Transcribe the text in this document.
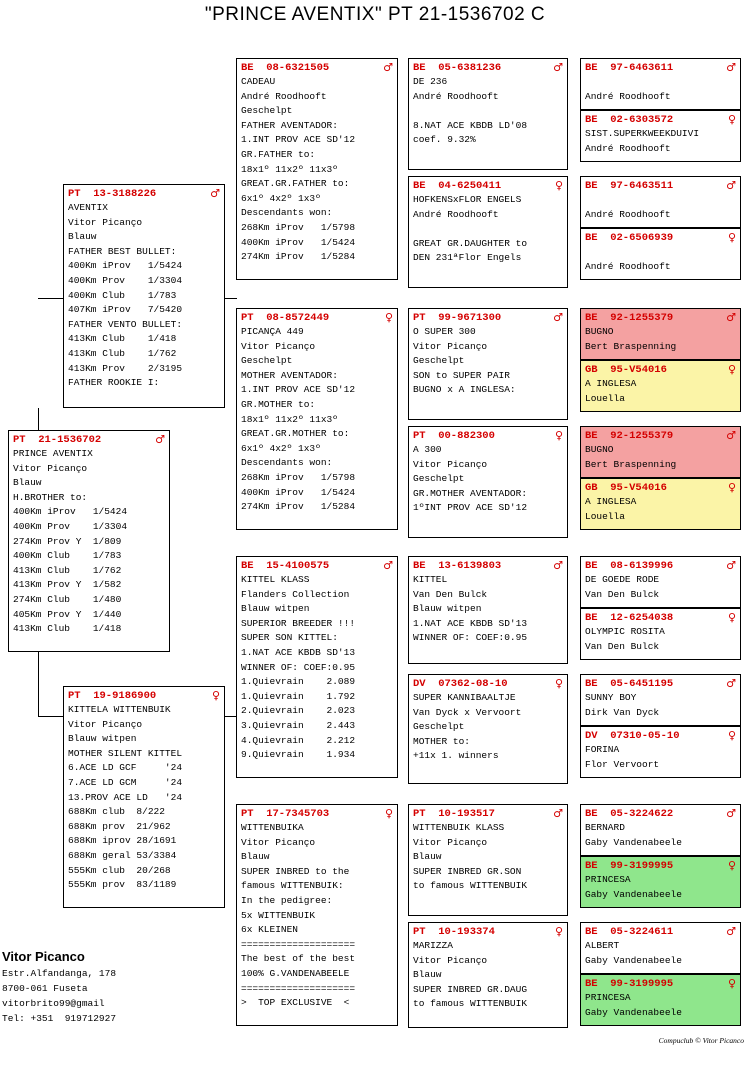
"PRINCE AVENTIX" PT 21-1536702 C
PT  21-1536702	♂
PRINCE AVENTIX
Vitor Picanço
Blauw
H.BROTHER to:
400Km iProv   1/5424
400Km Prov    1/3304
274Km Prov Y  1/809
400Km Club    1/783
413Km Club    1/762
413Km Prov Y  1/582
274Km Club    1/480
405Km Prov Y  1/440
413Km Club    1/418
PT  13-3188226	♂
AVENTIX
Vitor Picanço
Blauw
FATHER BEST BULLET:
400Km iProv   1/5424
400Km Prov    1/3304
400Km Club    1/783
407Km iProv   7/5420
FATHER VENTO BULLET:
413Km Club    1/418
413Km Club    1/762
413Km Prov    2/3195
FATHER ROOKIE I:
PT  19-9186900	♀
KITTELA WITTENBUIK
Vitor Picanço
Blauw witpen
MOTHER SILENT KITTEL
6.ACE LD GCF     '24
7.ACE LD GCM     '24
13.PROV ACE LD   '24
688Km club  8/222
688Km prov  21/962
688Km iprov 28/1691
688Km geral 53/3384
555Km club  20/268
555Km prov  83/1189
BE  08-6321505	♂
CADEAU
André Roodhooft
Geschelpt
FATHER AVENTADOR:
1.INT PROV ACE SD'12
GR.FATHER to:
18x1º 11x2º 11x3º
GREAT.GR.FATHER to:
6x1º 4x2º 1x3º
Descendants won:
268Km iProv   1/5798
400Km iProv   1/5424
274Km iProv   1/5284
PT  08-8572449	♀
PICANÇA 449
Vitor Picanço
Geschelpt
MOTHER AVENTADOR:
1.INT PROV ACE SD'12
GR.MOTHER to:
18x1º 11x2º 11x3º
GREAT.GR.MOTHER to:
6x1º 4x2º 1x3º
Descendants won:
268Km iProv   1/5798
400Km iProv   1/5424
274Km iProv   1/5284
BE  15-4100575	♂
KITTEL KLASS
Flanders Collection
Blauw witpen
SUPERIOR BREEDER !!!
SUPER SON KITTEL:
1.NAT ACE KBDB SD'13
WINNER OF: COEF:0.95
1.Quievrain    2.089
1.Quievrain    1.792
2.Quievrain    2.023
3.Quievrain    2.443
4.Quievrain    2.212
9.Quievrain    1.934
PT  17-7345703	♀
WITTENBUIKA
Vitor Picanço
Blauw
SUPER INBRED to the
famous WITTENBUIK:
In the pedigree:
5x WITTENBUIK
6x KLEINEN
====================
The best of the best
100% G.VANDENABEELE
====================
>  TOP EXCLUSIVE  <
BE  05-6381236	♂
DE 236
André Roodhooft

8.NAT ACE KBDB LD'08
coef. 9.32%
BE  04-6250411	♀
HOFKENSxFLOR ENGELS
André Roodhooft

GREAT GR.DAUGHTER to
DEN 231ªFlor Engels
PT  99-9671300	♂
O SUPER 300
Vitor Picanço
Geschelpt
SON to SUPER PAIR
BUGNO x A INGLESA:
PT  00-882300	♀
A 300
Vitor Picanço
Geschelpt
GR.MOTHER AVENTADOR:
1ºINT PROV ACE SD'12
BE  13-6139803	♂
KITTEL
Van Den Bulck
Blauw witpen
1.NAT ACE KBDB SD'13
WINNER OF: COEF:0.95
DV  07362-08-10	♀
SUPER KANNIBAALTJE
Van Dyck x Vervoort
Geschelpt
MOTHER to:
+11x 1. winners
PT  10-193517	♂
WITTENBUIK KLASS
Vitor Picanço
Blauw
SUPER INBRED GR.SON
to famous WITTENBUIK
PT  10-193374	♀
MARIZZA
Vitor Picanço
Blauw
SUPER INBRED GR.DAUG
to famous WITTENBUIK
BE  97-6463611	♂

André Roodhooft
BE  02-6303572	♀
SIST.SUPERKWEEKDUIVI
André Roodhooft
BE  97-6463511	♂

André Roodhooft
BE  02-6506939	♀

André Roodhooft
BE  92-1255379	♂
BUGNO
Bert Braspenning
GB  95-V54016	♀
A INGLESA
Louella
BE  92-1255379	♂
BUGNO
Bert Braspenning
GB  95-V54016	♀
A INGLESA
Louella
BE  08-6139996	♂
DE GOEDE RODE
Van Den Bulck
BE  12-6254038	♀
OLYMPIC ROSITA
Van Den Bulck
BE  05-6451195	♂
SUNNY BOY
Dirk Van Dyck
DV  07310-05-10	♀
FORINA
Flor Vervoort
BE  05-3224622	♂
BERNARD
Gaby Vandenabeele
BE  99-3199995	♀
PRINCESA
Gaby Vandenabeele
BE  05-3224611	♂
ALBERT
Gaby Vandenabeele
BE  99-3199995	♀
PRINCESA
Gaby Vandenabeele
Vitor Picanco
Estr.Alfandanga, 178
8700-061 Fuseta
vitorbrito99@gmail
Tel: +351  919712927
Compuclub © Vitor Picanco
